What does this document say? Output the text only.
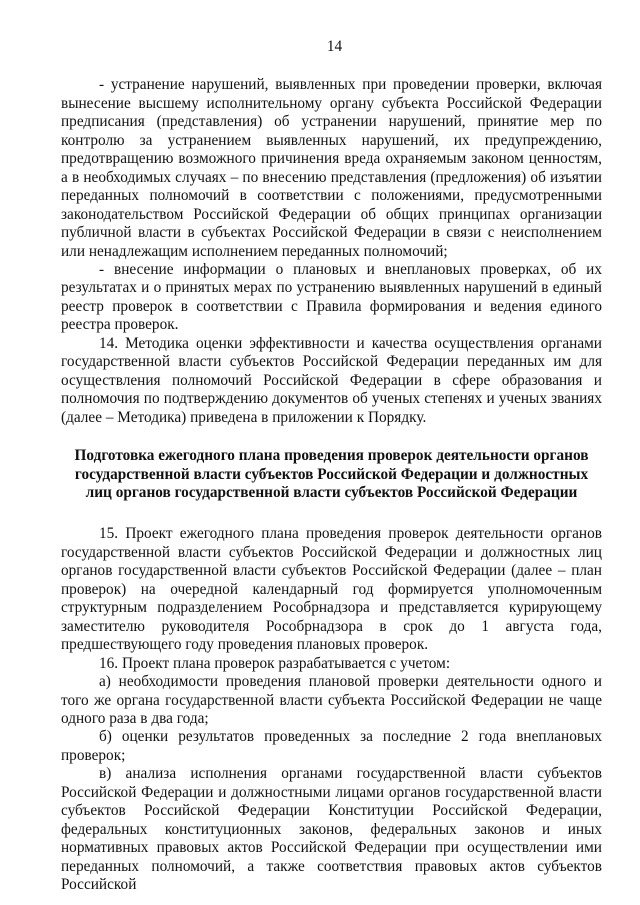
14

- устранение нарушений, выявленных при проведении проверки, включая вынесение высшему исполнительному органу субъекта Российской Федерации предписания (представления) об устранении нарушений, принятие мер по контролю за устранением выявленных нарушений, их предупреждению, предотвращению возможного причинения вреда охраняемым законом ценностям, а в необходимых случаях – по внесению представления (предложения) об изъятии переданных полномочий в соответствии с положениями, предусмотренными законодательством Российской Федерации об общих принципах организации публичной власти в субъектах Российской Федерации в связи с неисполнением или ненадлежащим исполнением переданных полномочий;

- внесение информации о плановых и внеплановых проверках, об их результатах и о принятых мерах по устранению выявленных нарушений в единый реестр проверок в соответствии с Правила формирования и ведения единого реестра проверок.

14. Методика оценки эффективности и качества осуществления органами государственной власти субъектов Российской Федерации переданных им для осуществления полномочий Российской Федерации в сфере образования и полномочия по подтверждению документов об ученых степенях и ученых званиях (далее – Методика) приведена в приложении к Порядку.

Подготовка ежегодного плана проведения проверок деятельности органов государственной власти субъектов Российской Федерации и должностных лиц органов государственной власти субъектов Российской Федерации

15. Проект ежегодного плана проведения проверок деятельности органов государственной власти субъектов Российской Федерации и должностных лиц органов государственной власти субъектов Российской Федерации (далее – план проверок) на очередной календарный год формируется уполномоченным структурным подразделением Рособрнадзора и представляется курирующему заместителю руководителя Рособрнадзора в срок до 1 августа года, предшествующего году проведения плановых проверок.

16. Проект плана проверок разрабатывается с учетом:

а) необходимости проведения плановой проверки деятельности одного и того же органа государственной власти субъекта Российской Федерации не чаще одного раза в два года;

б) оценки результатов проведенных за последние 2 года внеплановых проверок;

в) анализа исполнения органами государственной власти субъектов Российской Федерации и должностными лицами органов государственной власти субъектов Российской Федерации Конституции Российской Федерации, федеральных конституционных законов, федеральных законов и иных нормативных правовых актов Российской Федерации при осуществлении ими переданных полномочий, а также соответствия правовых актов субъектов Российской
